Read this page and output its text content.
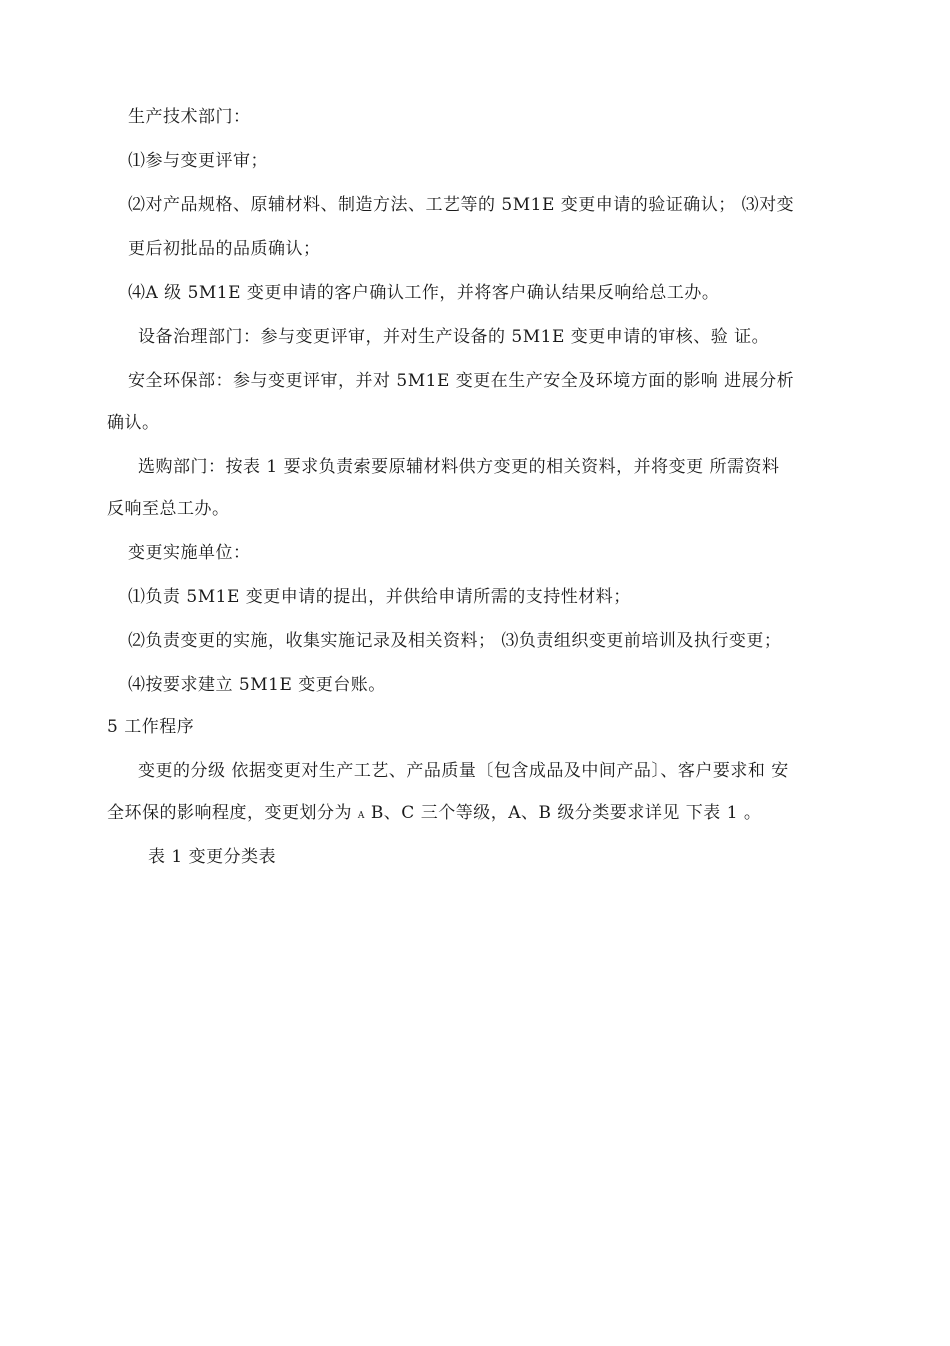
生产技术部门：
⑴参与变更评审；
⑵对产品规格、原辅材料、制造方法、工艺等的 5M1E 变更申请的验证确认； ⑶对变
更后初批品的品质确认；
⑷A 级 5M1E 变更申请的客户确认工作，并将客户确认结果反响给总工办。
设备治理部门：参与变更评审，并对生产设备的 5M1E 变更申请的审核、验 证。
安全环保部：参与变更评审，并对 5M1E 变更在生产安全及环境方面的影响 进展分析
确认。
选购部门：按表 1 要求负责索要原辅材料供方变更的相关资料，并将变更 所需资料
反响至总工办。
变更实施单位：
⑴负责 5M1E 变更申请的提出，并供给申请所需的支持性材料；
⑵负责变更的实施，收集实施记录及相关资料； ⑶负责组织变更前培训及执行变更；
⑷按要求建立 5M1E 变更台账。
5 工作程序
变更的分级 依据变更对生产工艺、产品质量〔包含成品及中间产品〕、客户要求和 安
全环保的影响程度，变更划分为 A B、C 三个等级，A、B 级分类要求详见 下表 1 。
表 1 变更分类表
